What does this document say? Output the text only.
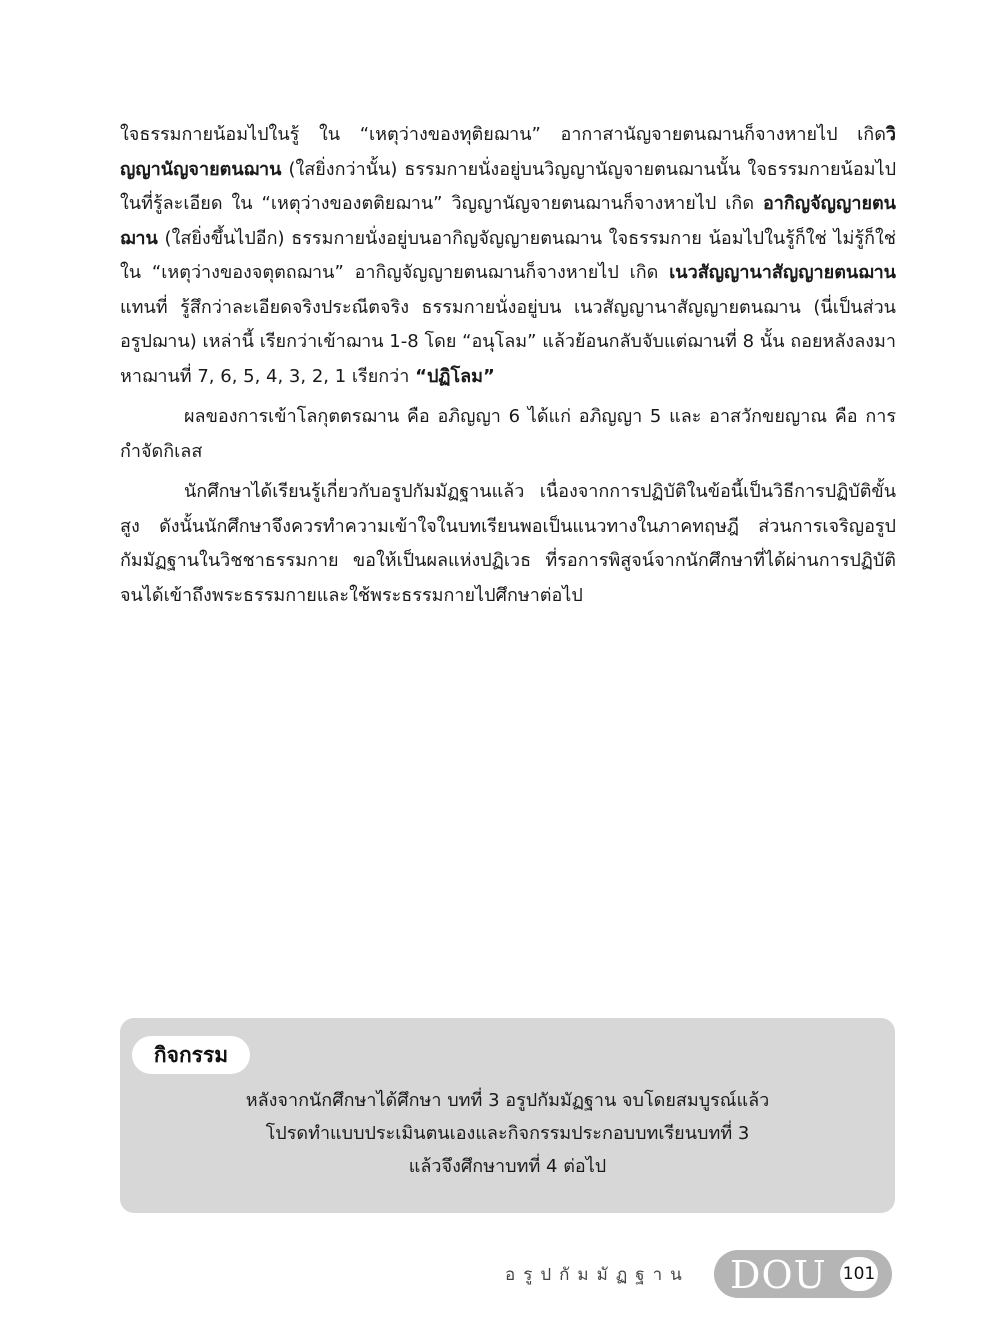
ใจธรรมกายน้อมไปในรู้ ใน “เหตุว่างของทุติยฌาน” อากาสานัญจายตนฌานก็จางหายไป เกิดวิญญานัญจายตนฌาน (ใสยิ่งกว่านั้น) ธรรมกายนั่งอยู่บนวิญญานัญจายตนฌานนั้น ใจธรรมกายน้อมไปในที่รู้ละเอียด ใน “เหตุว่างของตติยฌาน” วิญญานัญจายตนฌานก็จางหายไป เกิด อากิญจัญญายตนฌาน (ใสยิ่งขึ้นไปอีก) ธรรมกายนั่งอยู่บนอากิญจัญญายตนฌาน ใจธรรมกาย น้อมไปในรู้ก็ใช่ ไม่รู้ก็ใช่ ใน “เหตุว่างของจตุตถฌาน” อากิญจัญญายตนฌานก็จางหายไป เกิด เนวสัญญานาสัญญายตนฌานแทนที่ รู้สึกว่าละเอียดจริงประณีตจริง ธรรมกายนั่งอยู่บน เนวสัญญานาสัญญายตนฌาน (นี่เป็นส่วนอรูปฌาน) เหล่านี้ เรียกว่าเข้าฌาน 1-8 โดย “อนุโลม” แล้วย้อนกลับจับแต่ฌานที่ 8 นั้น ถอยหลังลงมาหาฌานที่ 7, 6, 5, 4, 3, 2, 1 เรียกว่า “ปฏิโลม”

ผลของการเข้าโลกุตตรฌาน คือ อภิญญา 6 ได้แก่ อภิญญา 5 และ อาสวักขยญาณ คือ การกำจัดกิเลส

นักศึกษาได้เรียนรู้เกี่ยวกับอรูปกัมมัฏฐานแล้ว เนื่องจากการปฏิบัติในข้อนี้เป็นวิธีการปฏิบัติขั้นสูง ดังนั้นนักศึกษาจึงควรทำความเข้าใจในบทเรียนพอเป็นแนวทางในภาคทฤษฎี ส่วนการเจริญอรูปกัมมัฏฐานในวิชชาธรรมกาย ขอให้เป็นผลแห่งปฏิเวธ ที่รอการพิสูจน์จากนักศึกษาที่ได้ผ่านการปฏิบัติจนได้เข้าถึงพระธรรมกายและใช้พระธรรมกายไปศึกษาต่อไป

กิจกรรม
หลังจากนักศึกษาได้ศึกษา บทที่ 3 อรูปกัมมัฏฐาน จบโดยสมบูรณ์แล้ว
โปรดทำแบบประเมินตนเองและกิจกรรมประกอบบทเรียนบทที่ 3
แล้วจึงศึกษาบทที่ 4 ต่อไป
อรูปกัมมัฏฐาน DOU 101
